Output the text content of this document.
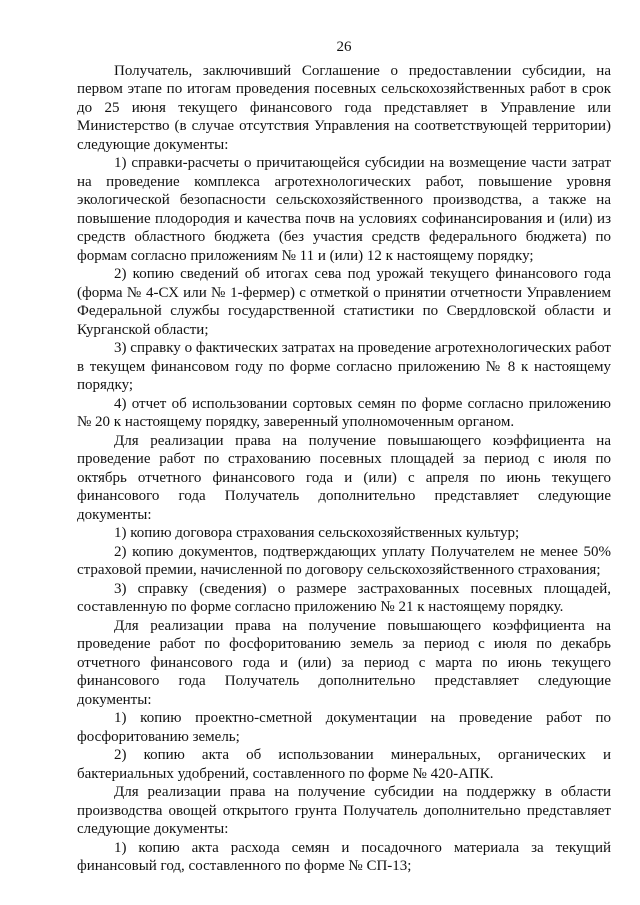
26

Получатель, заключивший Соглашение о предоставлении субсидии, на первом этапе по итогам проведения посевных сельскохозяйственных работ в срок до 25 июня текущего финансового года представляет в Управление или Министерство (в случае отсутствия Управления на соответствующей территории) следующие документы:

1) справки-расчеты о причитающейся субсидии на возмещение части затрат на проведение комплекса агротехнологических работ, повышение уровня экологической безопасности сельскохозяйственного производства, а также на повышение плодородия и качества почв на условиях софинансирования и (или) из средств областного бюджета (без участия средств федерального бюджета) по формам согласно приложениям № 11 и (или) 12 к настоящему порядку;

2) копию сведений об итогах сева под урожай текущего финансового года (форма № 4-СХ или № 1-фермер) с отметкой о принятии отчетности Управлением Федеральной службы государственной статистики по Свердловской области и Курганской области;

3) справку о фактических затратах на проведение агротехнологических работ в текущем финансовом году по форме согласно приложению № 8 к настоящему порядку;

4) отчет об использовании сортовых семян по форме согласно приложению № 20 к настоящему порядку, заверенный уполномоченным органом.

Для реализации права на получение повышающего коэффициента на проведение работ по страхованию посевных площадей за период с июля по октябрь отчетного финансового года и (или) с апреля по июнь текущего финансового года Получатель дополнительно представляет следующие документы:

1) копию договора страхования сельскохозяйственных культур;

2) копию документов, подтверждающих уплату Получателем не менее 50% страховой премии, начисленной по договору сельскохозяйственного страхования;

3) справку (сведения) о размере застрахованных посевных площадей, составленную по форме согласно приложению № 21 к настоящему порядку.

Для реализации права на получение повышающего коэффициента на проведение работ по фосфоритованию земель за период с июля по декабрь отчетного финансового года и (или) за период с марта по июнь текущего финансового года Получатель дополнительно представляет следующие документы:

1) копию проектно-сметной документации на проведение работ по фосфоритованию земель;

2) копию акта об использовании минеральных, органических и бактериальных удобрений, составленного по форме № 420-АПК.

Для реализации права на получение субсидии на поддержку в области производства овощей открытого грунта Получатель дополнительно представляет следующие документы:

1) копию акта расхода семян и посадочного материала за текущий финансовый год, составленного по форме № СП-13;
